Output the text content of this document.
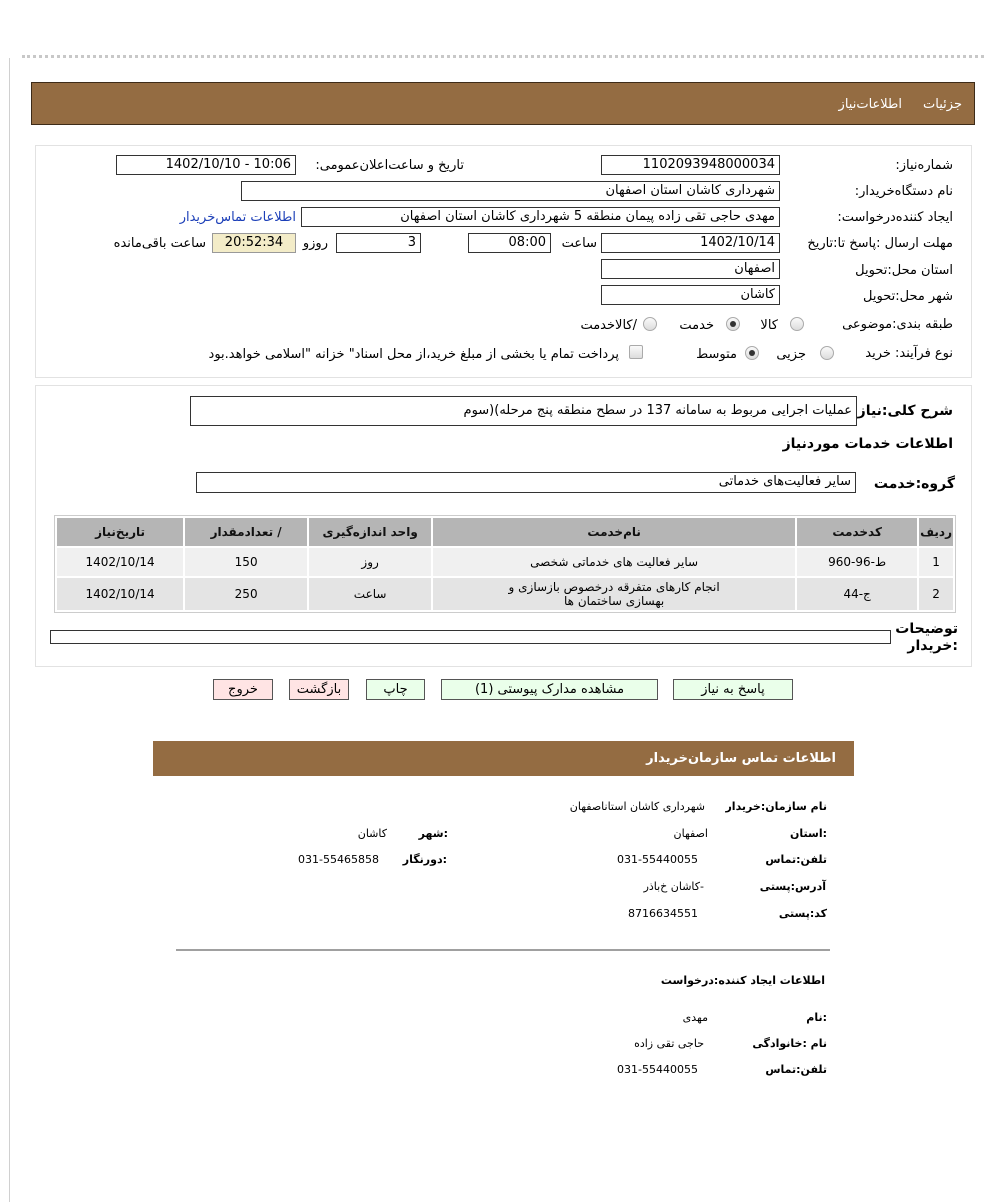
جزئیات
اطلاعات‌نیاز
شماره‌نیاز:
1102093948000034
تاریخ و ساعت‌اعلان‌عمومی:
1402/10/10 - 10:06
نام دستگاه‌خریدار:
شهرداری کاشان استان اصفهان
ایجاد کننده‌درخواست:
مهدی حاجی تقی زاده پیمان منطقه 5 شهرداری کاشان استان اصفهان
اطلاعات تماس‌خریدار
مهلت ارسال :پاسخ تا:تاریخ
1402/10/14
ساعت
08:00
3
روزو
20:52:34
ساعت باقی‌مانده
استان محل:تحویل
اصفهان
شهر محل:تحویل
کاشان
طبقه بندی:موضوعی
کالا
خدمت
/کالاخدمت
نوع فرآیند: خرید
جزیی
متوسط
پرداخت تمام یا بخشی از مبلغ خرید،از محل اسناد" خزانه "اسلامی خواهد.بود
شرح کلی:نیاز
عملیات اجرایی مربوط به سامانه 137 در سطح منطقه پنج مرحله)(سوم
اطلاعات خدمات موردنیاز
گروه:خدمت
سایر فعالیت‌های خدماتی
ردیف	کدخدمت	نام‌خدمت	واحد اندازه‌گیری	/ تعدادمقدار	تاریخ‌نیاز
1	ط-96-960	سایر فعالیت های خدماتی شخصی	روز	150	1402/10/14
2	ج-44	انجام کارهای متفرقه درخصوص بازسازی و بهسازی ساختمان ها	ساعت	250	1402/10/14
توضیحات
:خریدار
پاسخ به نیاز
مشاهده مدارک پیوستی (1)
چاپ
بازگشت
خروج
اطلاعات تماس سازمان‌خریدار
نام سازمان:خریدار
شهرداری کاشان استاناصفهان
:استان
اصفهان
:شهر
کاشان
تلفن:تماس
031-55440055
:دورنگار
031-55465858
آدرس:پستی
-کاشان خ‌باذر
کد:پستی
8716634551
اطلاعات ایجاد کننده:درخواست
:نام
مهدی
نام :خانوادگی
حاجی تقی زاده
تلفن:تماس
031-55440055
